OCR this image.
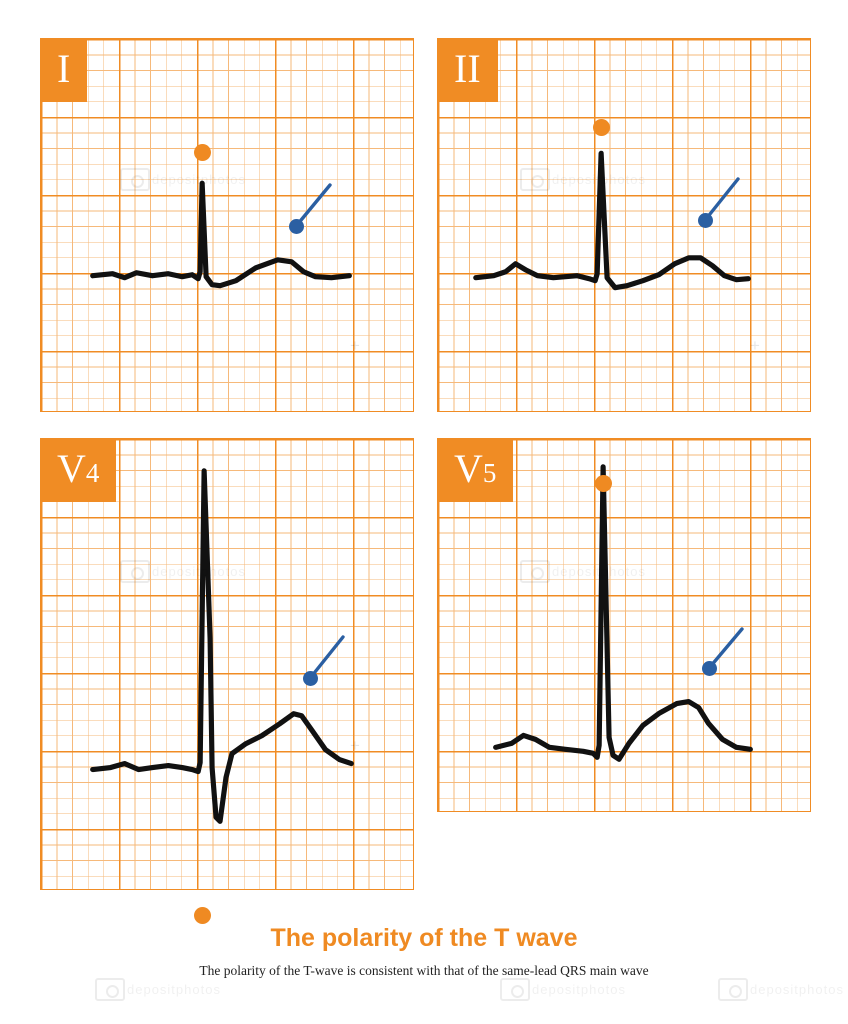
I	II
V4	V5
The polarity of the T wave
The polarity of the T-wave is consistent with that of the same-lead QRS main wave
depositphotos	depositphotos	depositphotos
